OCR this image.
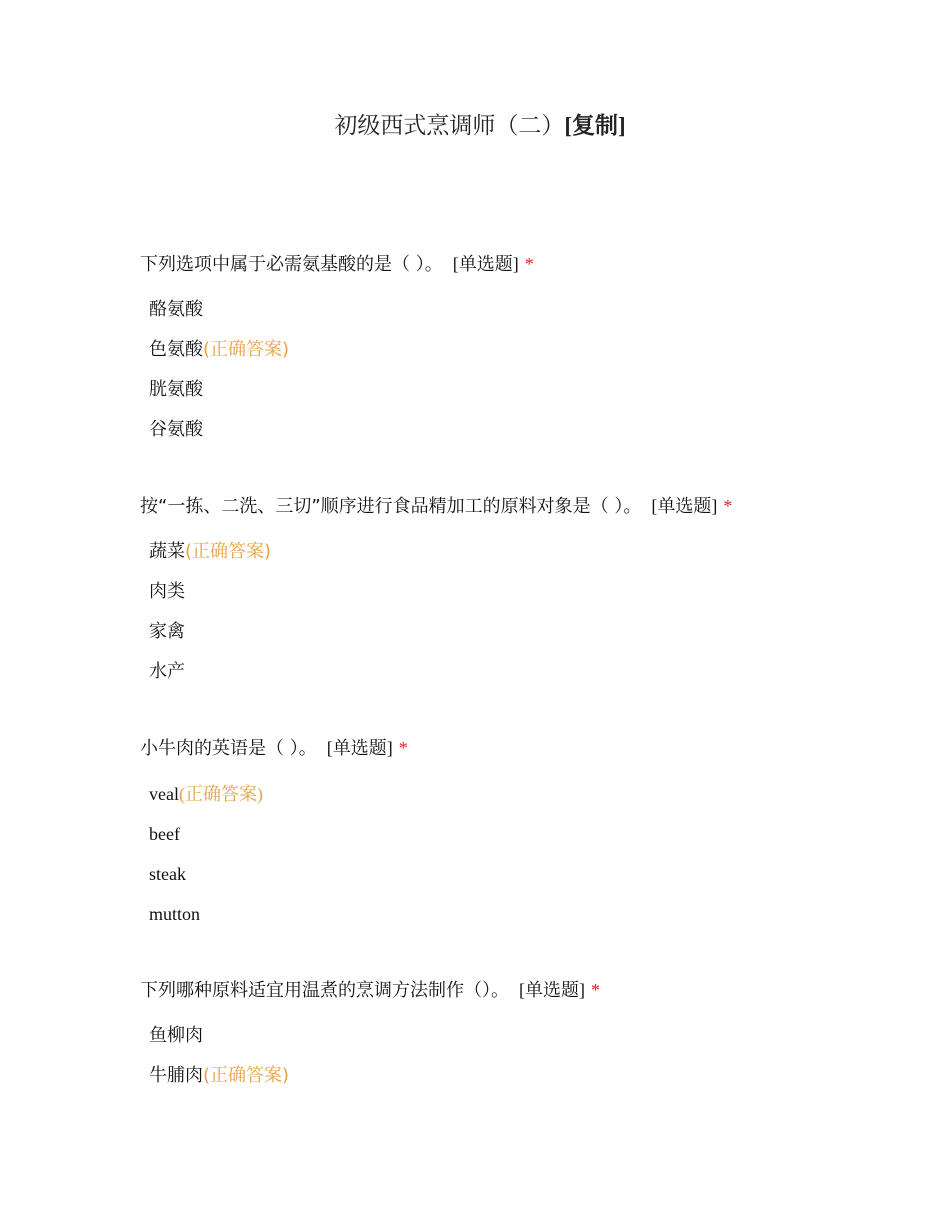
初级西式烹调师（二）[复制]
下列选项中属于必需氨基酸的是（ ）。 [单选题] *
酪氨酸
色氨酸(正确答案)
胱氨酸
谷氨酸
按“一拣、二洗、三切”顺序进行食品精加工的原料对象是（ ）。 [单选题] *
蔬菜(正确答案)
肉类
家禽
水产
小牛肉的英语是（ ）。 [单选题] *
veal(正确答案)
beef
steak
mutton
下列哪种原料适宜用温煮的烹调方法制作（）。 [单选题] *
鱼柳肉
牛脯肉(正确答案)
